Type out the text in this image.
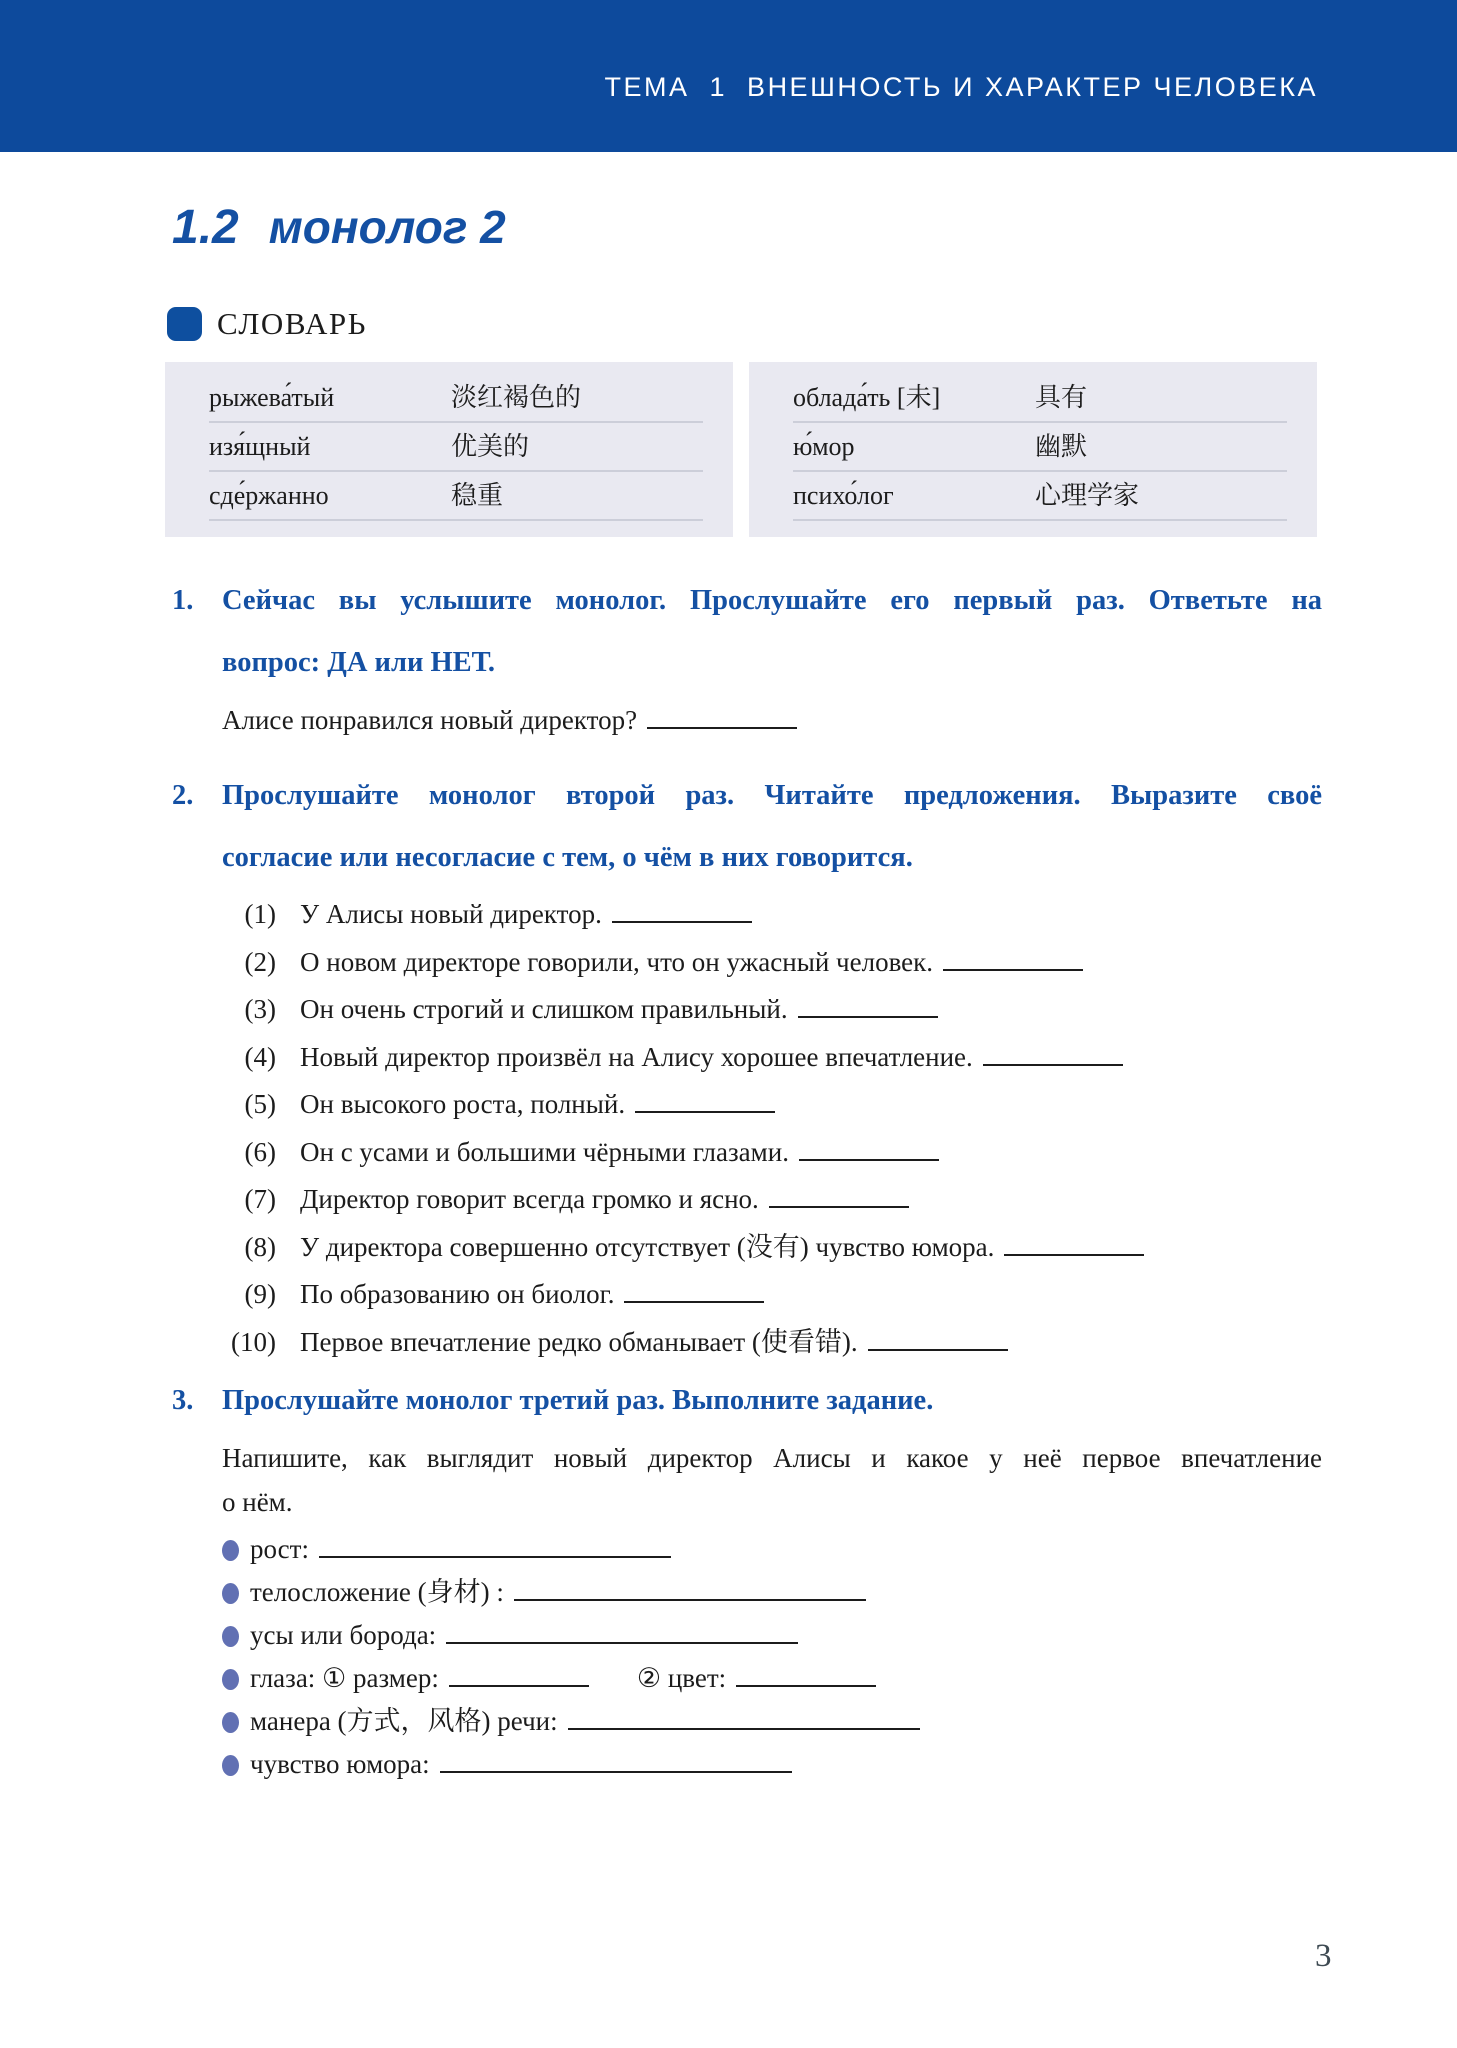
ТЕМА  1  ВНЕШНОСТЬ И ХАРАКТЕР ЧЕЛОВЕКА
1.2 монолог 2
СЛОВАРЬ
рыжева́тый	淡红褐色的
изя́щный	优美的
сде́ржанно	稳重
облада́ть [未]	具有
ю́мор	幽默
психо́лог	心理学家
1. Сейчас вы услышите монолог. Прослушайте его первый раз. Ответьте на
вопрос: ДА или НЕТ.
Алисе понравился новый директор?
2. Прослушайте монолог второй раз. Читайте предложения. Выразите своё
согласие или несогласие с тем, о чём в них говорится.
(1) У Алисы новый директор.
(2) О новом директоре говорили, что он ужасный человек.
(3) Он очень строгий и слишком правильный.
(4) Новый директор произвёл на Алису хорошее впечатление.
(5) Он высокого роста, полный.
(6) Он с усами и большими чёрными глазами.
(7) Директор говорит всегда громко и ясно.
(8) У директора совершенно отсутствует (没有) чувство юмора.
(9) По образованию он биолог.
(10) Первое впечатление редко обманывает (使看错).
3. Прослушайте монолог третий раз. Выполните задание.
Напишите, как выглядит новый директор Алисы и какое у неё первое впечатление
о нём.
рост:
телосложение (身材) :
усы или борода:
глаза: ① размер:	② цвет:
манера (方式，风格) речи:
чувство юмора:
3
